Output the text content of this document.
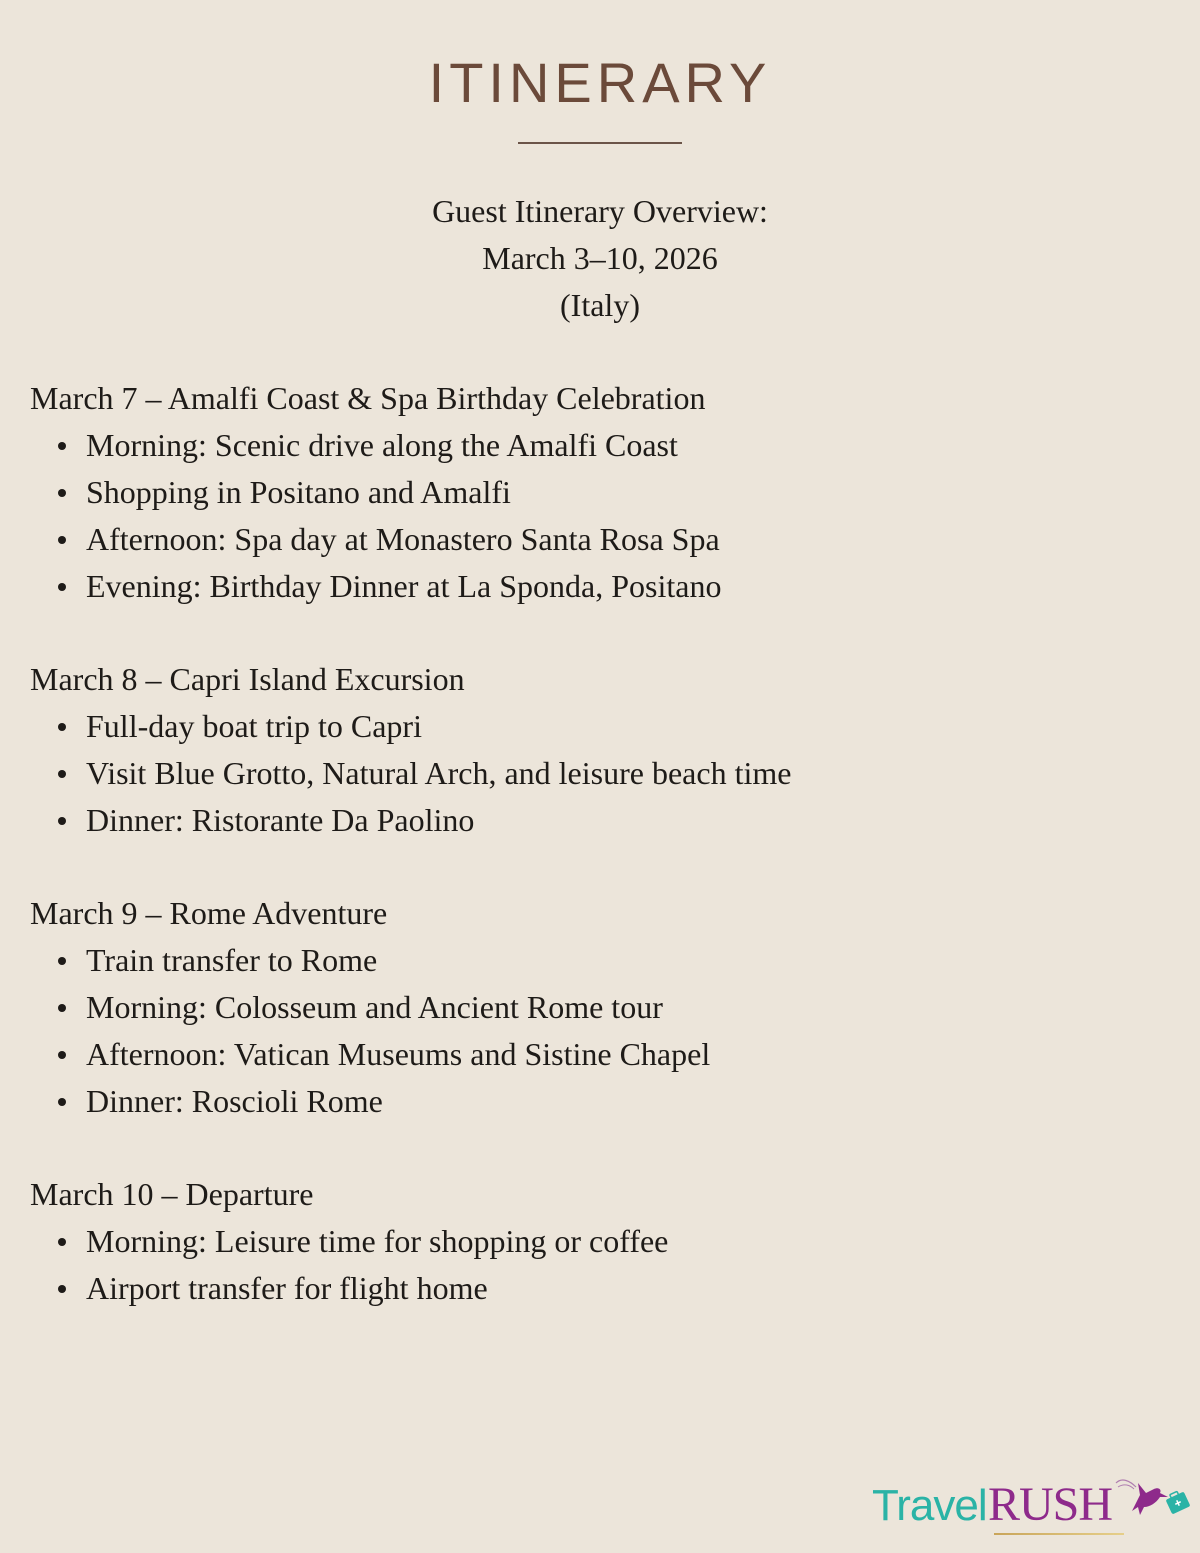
ITINERARY
Guest Itinerary Overview:
March 3–10, 2026
(Italy)
March 7 – Amalfi Coast & Spa Birthday Celebration
Morning: Scenic drive along the Amalfi Coast
Shopping in Positano and Amalfi
Afternoon: Spa day at Monastero Santa Rosa Spa
Evening: Birthday Dinner at La Sponda, Positano
March 8 – Capri Island Excursion
Full-day boat trip to Capri
Visit Blue Grotto, Natural Arch, and leisure beach time
Dinner: Ristorante Da Paolino
March 9 – Rome Adventure
Train transfer to Rome
Morning: Colosseum and Ancient Rome tour
Afternoon: Vatican Museums and Sistine Chapel
Dinner: Roscioli Rome
March 10 – Departure
Morning: Leisure time for shopping or coffee
Airport transfer for flight home
Travel RUSH
